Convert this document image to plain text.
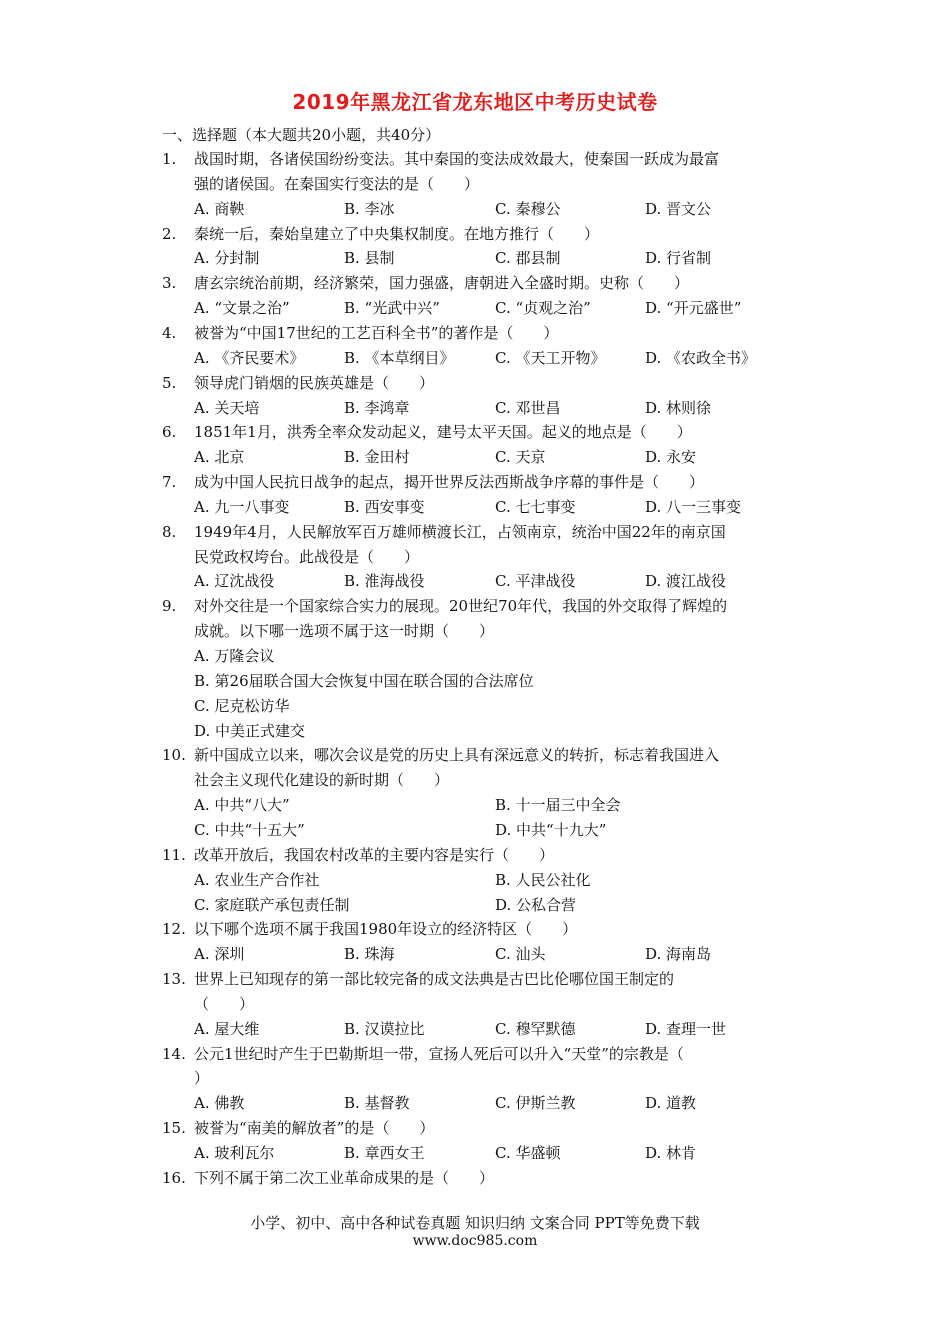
2019年黑龙江省龙东地区中考历史试卷
一、选择题（本大题共20小题，共40分）
1. 战国时期，各诸侯国纷纷变法。其中秦国的变法成效最大，使秦国一跃成为最富
强的诸侯国。在秦国实行变法的是（　　）
A. 商鞅	B. 李冰	C. 秦穆公	D. 晋文公
2. 秦统一后，秦始皇建立了中央集权制度。在地方推行（　　）
A. 分封制	B. 县制	C. 郡县制	D. 行省制
3. 唐玄宗统治前期，经济繁荣，国力强盛，唐朝进入全盛时期。史称（　　）
A. “文景之治”	B. “光武中兴”	C. “贞观之治”	D. “开元盛世”
4. 被誉为“中国17世纪的工艺百科全书”的著作是（　　）
A. 《齐民要术》	B. 《本草纲目》	C. 《天工开物》	D. 《农政全书》
5. 领导虎门销烟的民族英雄是（　　）
A. 关天培	B. 李鸿章	C. 邓世昌	D. 林则徐
6. 1851年1月，洪秀全率众发动起义，建号太平天国。起义的地点是（　　）
A. 北京	B. 金田村	C. 天京	D. 永安
7. 成为中国人民抗日战争的起点，揭开世界反法西斯战争序幕的事件是（　　）
A. 九一八事变	B. 西安事变	C. 七七事变	D. 八一三事变
8. 1949年4月，人民解放军百万雄师横渡长江，占领南京，统治中国22年的南京国
民党政权垮台。此战役是（　　）
A. 辽沈战役	B. 淮海战役	C. 平津战役	D. 渡江战役
9. 对外交往是一个国家综合实力的展现。20世纪70年代，我国的外交取得了辉煌的
成就。以下哪一选项不属于这一时期（　　）
A. 万隆会议
B. 第26届联合国大会恢复中国在联合国的合法席位
C. 尼克松访华
D. 中美正式建交
10. 新中国成立以来，哪次会议是党的历史上具有深远意义的转折，标志着我国进入
社会主义现代化建设的新时期（　　）
A. 中共“八大”	B. 十一届三中全会
C. 中共“十五大”	D. 中共“十九大”
11. 改革开放后，我国农村改革的主要内容是实行（　　）
A. 农业生产合作社	B. 人民公社化
C. 家庭联产承包责任制	D. 公私合营
12. 以下哪个选项不属于我国1980年设立的经济特区（　　）
A. 深圳	B. 珠海	C. 汕头	D. 海南岛
13. 世界上已知现存的第一部比较完备的成文法典是古巴比伦哪位国王制定的
（　　）
A. 屋大维	B. 汉谟拉比	C. 穆罕默德	D. 查理一世
14. 公元1世纪时产生于巴勒斯坦一带，宣扬人死后可以升入“天堂”的宗教是（
）
A. 佛教	B. 基督教	C. 伊斯兰教	D. 道教
15. 被誉为“南美的解放者”的是（　　）
A. 玻利瓦尔	B. 章西女王	C. 华盛顿	D. 林肯
16. 下列不属于第二次工业革命成果的是（　　）
小学、初中、高中各种试卷真题 知识归纳 文案合同 PPT等免费下载
www.doc985.com
